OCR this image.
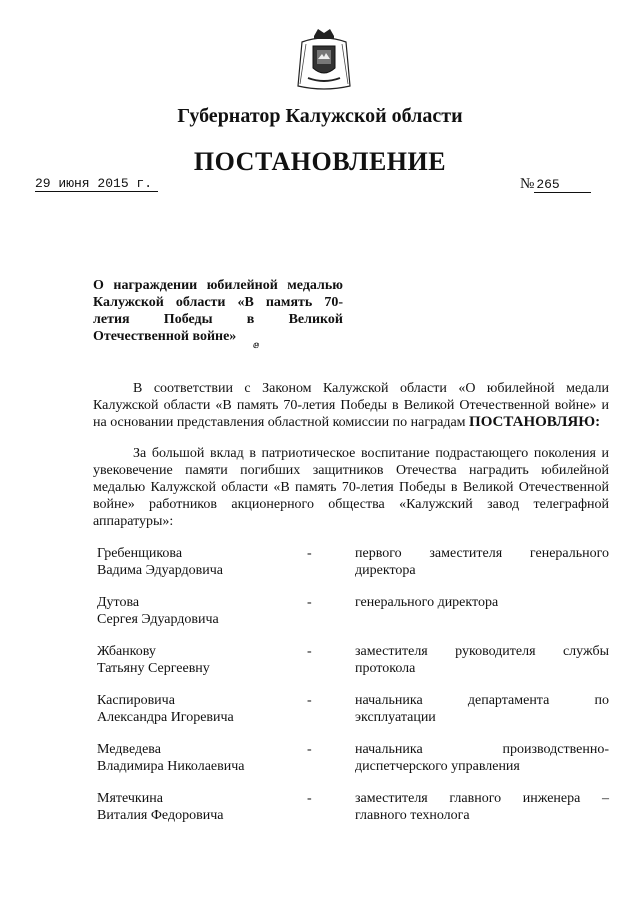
Губернатор Калужской области
ПОСТАНОВЛЕНИЕ
29 июня 2015 г.	№ 265
О награждении юбилейной медалью Калужской области «В память 70-летия Победы в Великой Отечественной войне»
ⅇ
В соответствии с Законом Калужской области «О юбилейной медали Калужской области «В память 70-летия Победы в Великой Отечественной войне» и на основании представления областной комиссии по наградам ПОСТАНОВЛЯЮ:
За большой вклад в патриотическое воспитание подрастающего поколения и увековечение памяти погибших защитников Отечества наградить юбилейной медалью Калужской области «В память 70-летия Победы в Великой Отечественной войне» работников акционерного общества «Калужский завод телеграфной аппаратуры»:
Гребенщикова
Вадима Эдуардовича
-	первого заместителя генерального директора
Дутова
Сергея Эдуардовича
-	генерального директора
Жбанкову
Татьяну Сергеевну
-	заместителя руководителя службы протокола
Каспировича
Александра Игоревича
-	начальника департамента по эксплуатации
Медведева
Владимира Николаевича
-	начальника производственно-диспетчерского управления
Мятечкина
Виталия Федоровича
-	заместителя главного инженера – главного технолога
